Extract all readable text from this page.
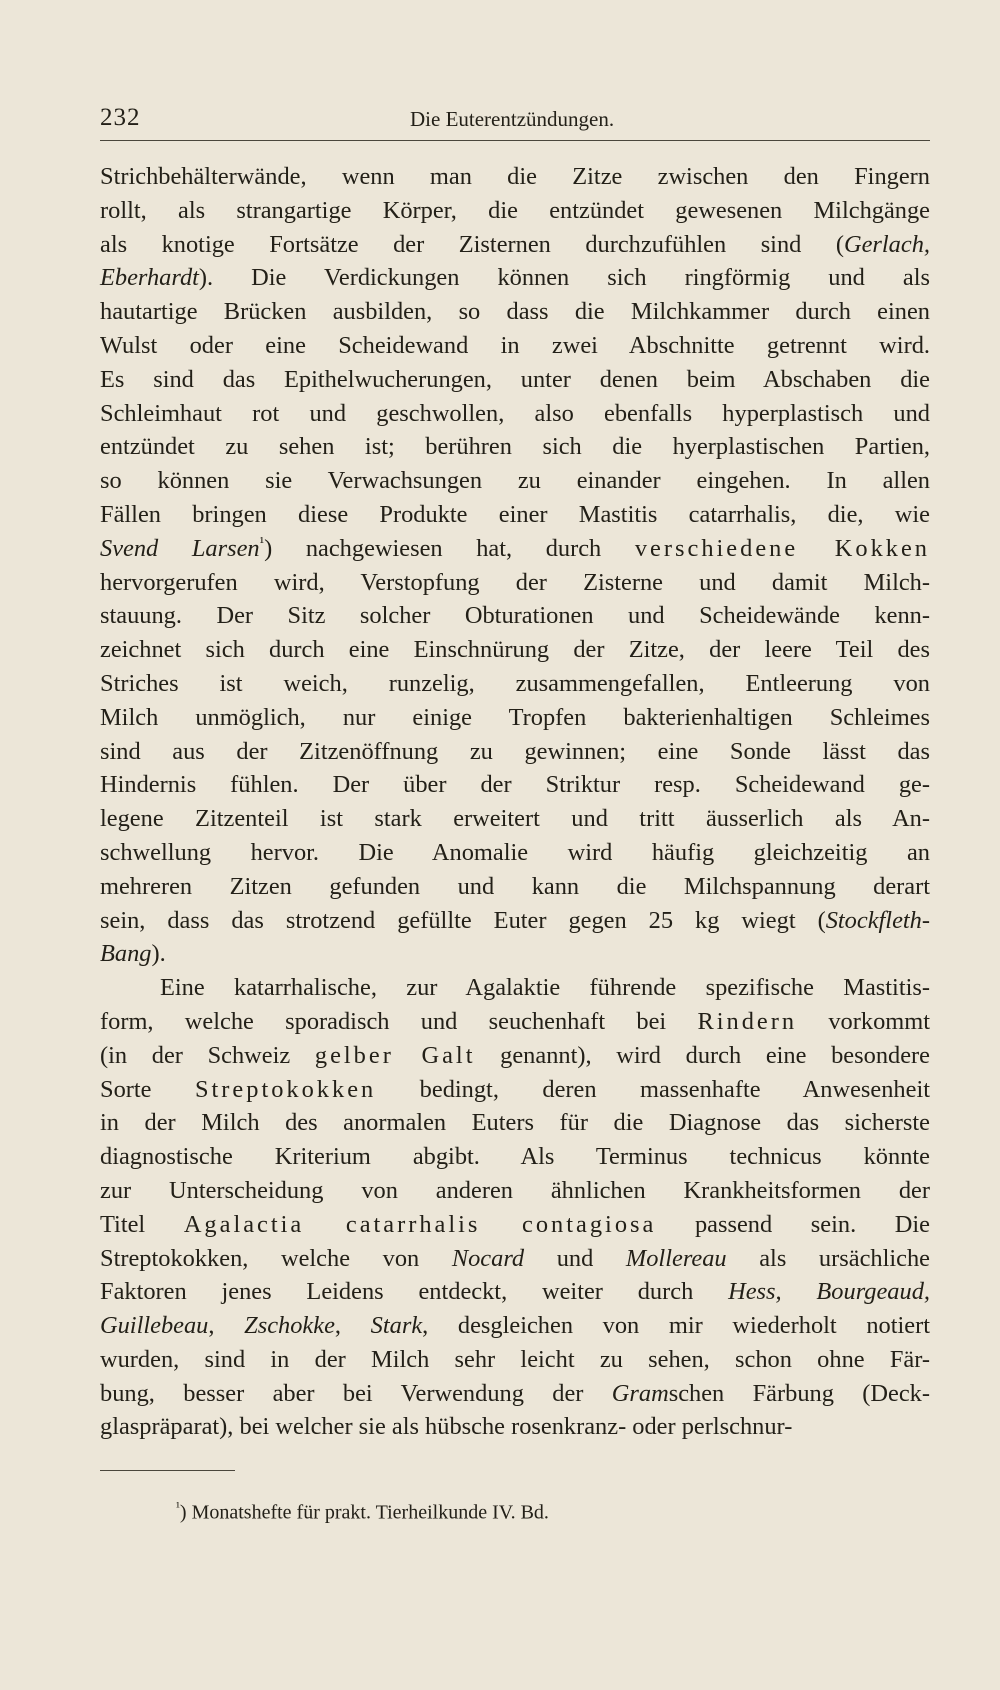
232	Die Euterentzündungen.
Strichbehälterwände, wenn man die Zitze zwischen den Fingern
rollt, als strangartige Körper, die entzündet gewesenen Milchgänge
als knotige Fortsätze der Zisternen durchzufühlen sind (Gerlach,
Eberhardt). Die Verdickungen können sich ringförmig und als
hautartige Brücken ausbilden, so dass die Milchkammer durch einen
Wulst oder eine Scheidewand in zwei Abschnitte getrennt wird.
Es sind das Epithelwucherungen, unter denen beim Abschaben die
Schleimhaut rot und geschwollen, also ebenfalls hyperplastisch und
entzündet zu sehen ist; berühren sich die hyerplastischen Partien,
so können sie Verwachsungen zu einander eingehen. In allen
Fällen bringen diese Produkte einer Mastitis catarrhalis, die, wie
Svend Larsen$^{^1}$) nachgewiesen hat, durch verschiedene Kokken
hervorgerufen wird, Verstopfung der Zisterne und damit Milch-
stauung. Der Sitz solcher Obturationen und Scheidewände kenn-
zeichnet sich durch eine Einschnürung der Zitze, der leere Teil des
Striches ist weich, runzelig, zusammengefallen, Entleerung von
Milch unmöglich, nur einige Tropfen bakterienhaltigen Schleimes
sind aus der Zitzenöffnung zu gewinnen; eine Sonde lässt das
Hindernis fühlen. Der über der Striktur resp. Scheidewand ge-
legene Zitzenteil ist stark erweitert und tritt äusserlich als An-
schwellung hervor. Die Anomalie wird häufig gleichzeitig an
mehreren Zitzen gefunden und kann die Milchspannung derart
sein, dass das strotzend gefüllte Euter gegen 25 kg wiegt (Stockfleth-
Bang).
Eine katarrhalische, zur Agalaktie führende spezifische Mastitis-
form, welche sporadisch und seuchenhaft bei Rindern vorkommt
(in der Schweiz gelber Galt genannt), wird durch eine besondere
Sorte Streptokokken bedingt, deren massenhafte Anwesenheit
in der Milch des anormalen Euters für die Diagnose das sicherste
diagnostische Kriterium abgibt. Als Terminus technicus könnte
zur Unterscheidung von anderen ähnlichen Krankheitsformen der
Titel Agalactia catarrhalis contagiosa passend sein. Die
Streptokokken, welche von Nocard und Mollereau als ursächliche
Faktoren jenes Leidens entdeckt, weiter durch Hess, Bourgeaud,
Guillebeau, Zschokke, Stark, desgleichen von mir wiederholt notiert
wurden, sind in der Milch sehr leicht zu sehen, schon ohne Fär-
bung, besser aber bei Verwendung der Gramschen Färbung (Deck-
glaspräparat), bei welcher sie als hübsche rosenkranz- oder perlschnur-
$^{^1}$) Monatshefte für prakt. Tierheilkunde IV. Bd.
